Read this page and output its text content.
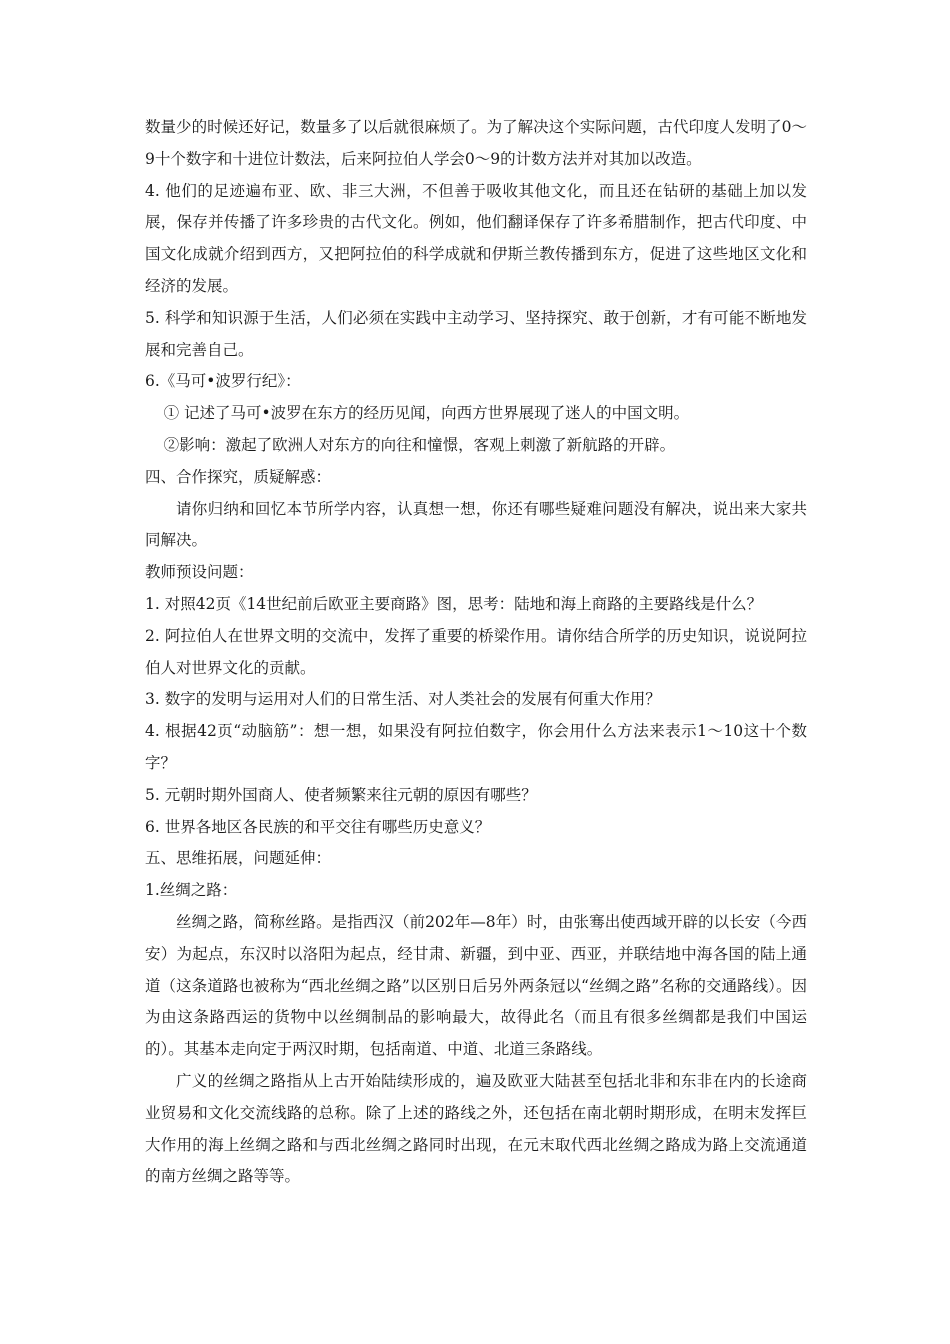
数量少的时候还好记，数量多了以后就很麻烦了。为了解决这个实际问题，古代印度人发明了0～9十个数字和十进位计数法，后来阿拉伯人学会0～9的计数方法并对其加以改造。

4. 他们的足迹遍布亚、欧、非三大洲，不但善于吸收其他文化，而且还在钻研的基础上加以发展，保存并传播了许多珍贵的古代文化。例如，他们翻译保存了许多希腊制作，把古代印度、中国文化成就介绍到西方，又把阿拉伯的科学成就和伊斯兰教传播到东方，促进了这些地区文化和经济的发展。

5. 科学和知识源于生活，人们必须在实践中主动学习、坚持探究、敢于创新，才有可能不断地发展和完善自己。

6.《马可•波罗行纪》：

① 记述了马可•波罗在东方的经历见闻，向西方世界展现了迷人的中国文明。

②影响：激起了欧洲人对东方的向往和憧憬，客观上刺激了新航路的开辟。

四、合作探究，质疑解惑：

请你归纳和回忆本节所学内容，认真想一想，你还有哪些疑难问题没有解决，说出来大家共同解决。

教师预设问题：

1. 对照42页《14世纪前后欧亚主要商路》图，思考：陆地和海上商路的主要路线是什么？

2. 阿拉伯人在世界文明的交流中，发挥了重要的桥梁作用。请你结合所学的历史知识，说说阿拉伯人对世界文化的贡献。

3. 数字的发明与运用对人们的日常生活、对人类社会的发展有何重大作用？

4. 根据42页“动脑筋”：想一想，如果没有阿拉伯数字，你会用什么方法来表示1～10这十个数字？

5. 元朝时期外国商人、使者频繁来往元朝的原因有哪些？

6. 世界各地区各民族的和平交往有哪些历史意义？

五、思维拓展，问题延伸：

1.丝绸之路：

丝绸之路，简称丝路。是指西汉（前202年—8年）时，由张骞出使西域开辟的以长安（今西安）为起点，东汉时以洛阳为起点，经甘肃、新疆，到中亚、西亚，并联结地中海各国的陆上通道（这条道路也被称为“西北丝绸之路”以区别日后另外两条冠以“丝绸之路”名称的交通路线）。因为由这条路西运的货物中以丝绸制品的影响最大，故得此名（而且有很多丝绸都是我们中国运的）。其基本走向定于两汉时期，包括南道、中道、北道三条路线。

广义的丝绸之路指从上古开始陆续形成的，遍及欧亚大陆甚至包括北非和东非在内的长途商业贸易和文化交流线路的总称。除了上述的路线之外，还包括在南北朝时期形成，在明末发挥巨大作用的海上丝绸之路和与西北丝绸之路同时出现，在元末取代西北丝绸之路成为路上交流通道的南方丝绸之路等等。
